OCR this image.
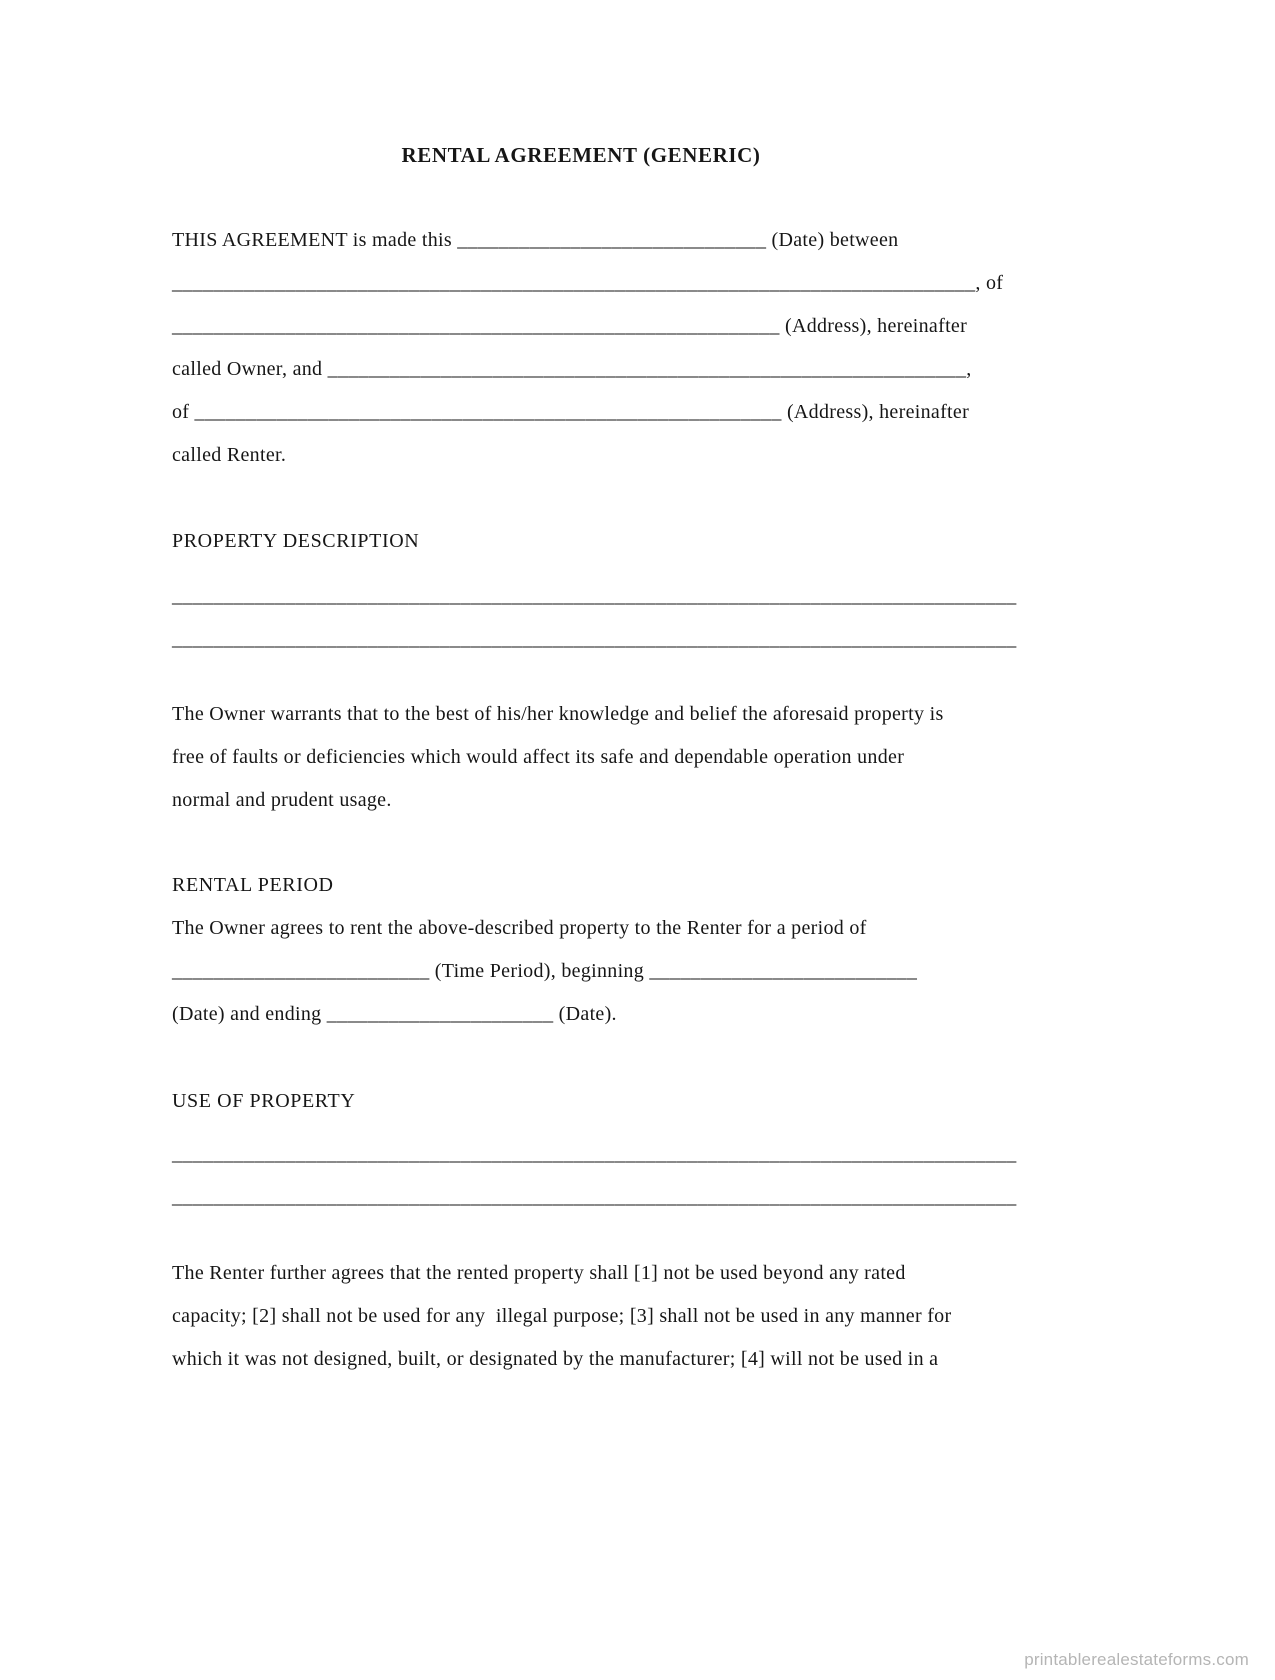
RENTAL AGREEMENT (GENERIC)
THIS AGREEMENT is made this ______________________________ (Date) between
______________________________________________________________________________, of
___________________________________________________________ (Address), hereinafter
called Owner, and ______________________________________________________________,
of _________________________________________________________ (Address), hereinafter
called Renter.
PROPERTY DESCRIPTION
__________________________________________________________________________________
__________________________________________________________________________________
The Owner warrants that to the best of his/her knowledge and belief the aforesaid property is
free of faults or deficiencies which would affect its safe and dependable operation under
normal and prudent usage.
RENTAL PERIOD
The Owner agrees to rent the above-described property to the Renter for a period of
_________________________ (Time Period), beginning __________________________
(Date) and ending ______________________ (Date).
USE OF PROPERTY
__________________________________________________________________________________
__________________________________________________________________________________
The Renter further agrees that the rented property shall [1] not be used beyond any rated
capacity; [2] shall not be used for any  illegal purpose; [3] shall not be used in any manner for
which it was not designed, built, or designated by the manufacturer; [4] will not be used in a
printablerealestateforms.com
